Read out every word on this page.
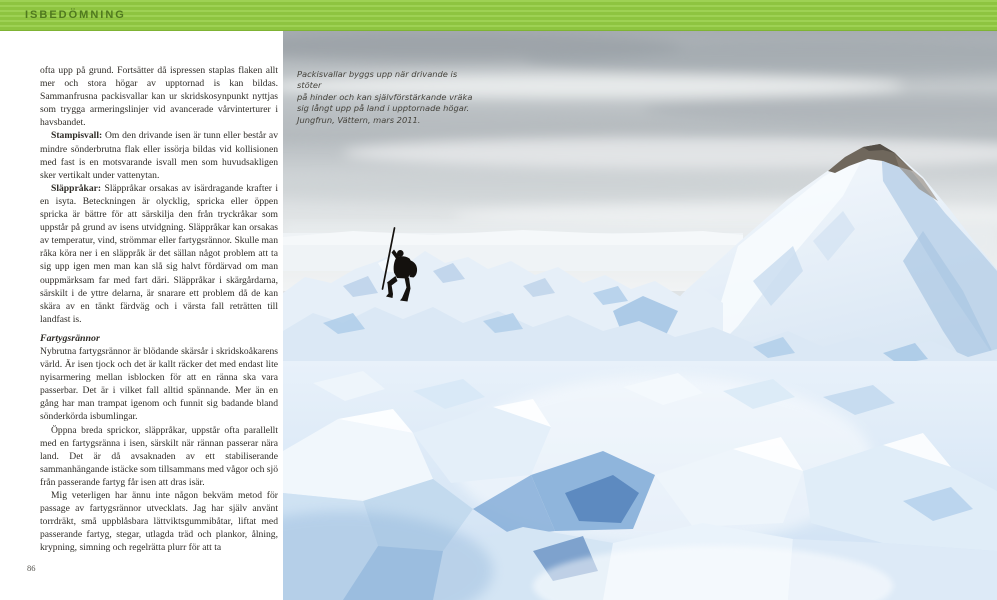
ISBEDÖMNING

ofta upp på grund. Fortsätter då ispressen staplas flaken allt mer och stora högar av upptornad is kan bildas. Sammanfrusna packisvallar kan ur skridskosynpunkt nyttjas som trygga armeringslinjer vid avancerade vårvinterturer i havsbandet.

Stampisvall: Om den drivande isen är tunn eller består av mindre sönderbrutna flak eller issörja bildas vid kollisionen med fast is en motsvarande isvall men som huvudsakligen sker vertikalt under vattenytan.

Släppråkar: Släppråkar orsakas av isärdragande krafter i en isyta. Beteckningen är olycklig, spricka eller öppen spricka är bättre för att särskilja den från tryckråkar som uppstår på grund av isens utvidgning. Släppråkar kan orsakas av temperatur, vind, strömmar eller fartygsrännor. Skulle man råka köra ner i en släppråk är det sällan något problem att ta sig upp igen men man kan slå sig halvt fördärvad om man ouppmärksam far med fart däri. Släppråkar i skärgårdarna, särskilt i de yttre delarna, är snarare ett problem då de kan skära av en tänkt färdväg och i värsta fall reträtten till landfast is.

Fartygsrännor

Nybrutna fartygsrännor är blödande skärsår i skridskoåkarens värld. Är isen tjock och det är kallt räcker det med endast lite nyisarmering mellan isblocken för att en ränna ska vara passerbar. Det är i vilket fall alltid spännande. Mer än en gång har man trampat igenom och funnit sig badande bland sönderkörda isbumlingar.

Öppna breda sprickor, släppråkar, uppstår ofta parallellt med en fartygsränna i isen, särskilt när rännan passerar nära land. Det är då avsaknaden av ett stabiliserande sammanhängande istäcke som tillsammans med vågor och sjö från passerande fartyg får isen att dras isär.

Mig veterligen har ännu inte någon bekväm metod för passage av fartygsrännor utvecklats. Jag har själv använt torrdräkt, små uppblåsbara lättviktsgummibåtar, liftat med passerande fartyg, stegar, utlagda träd och plankor, ålning, krypning, simning och regelrätta plurr för att ta

86
Packisvallar byggs upp när drivande is stöter
på hinder och kan självförstärkande vräka
sig långt upp på land i upptornade högar.
Jungfrun, Vättern, mars 2011.
